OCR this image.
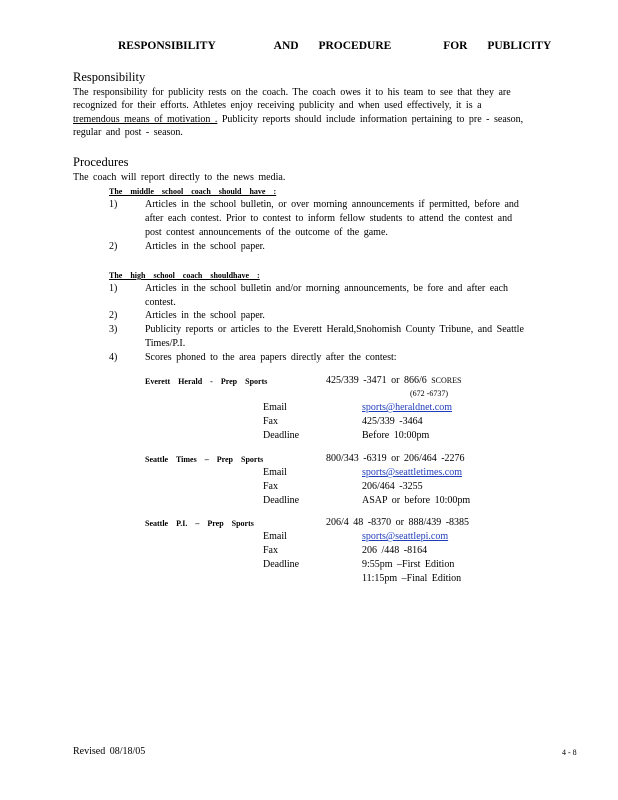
RESPONSIBILITY	AND PROCEDURE	FOR PUBLICITY
Responsibility
The responsibility for publicity rests on the coach. The coach owes it to his team to see that they are
recognized for their efforts. Athletes enjoy receiving publicity and when used effectively, it is a
tremendous means of motivation . Publicity reports should include information pertaining to pre - season,
regular and post - season.
Procedures
The coach will report directly to the news media.
The middle school coach should have :
1)	Articles in the school bulletin, or over morning announcements if permitted, before and
after each contest. Prior to contest to inform fellow students to attend the contest and
post contest announcements of the outcome of the game.
2)	Articles in the school paper.
The high school coach shouldhave :
1)	Articles in the school bulletin and/or morning announcements, be fore and after each
contest.
2)	Articles in the school paper.
3)	Publicity reports or articles to the Everett Herald,Snohomish County Tribune, and Seattle
Times/P.I.
4)	Scores phoned to the area papers directly after the contest:
Everett Herald - Prep Sports	425/339 -3471 or 866/6 SCORES
(672 -6737)
Email	sports@heraldnet.com
Fax	425/339 -3464
Deadline	Before 10:00pm
Seattle Times – Prep Sports	800/343 -6319 or 206/464 -2276
Email	sports@seattletimes.com
Fax	206/464 -3255
Deadline	ASAP or before 10:00pm
Seattle P.I. – Prep Sports	206/4 48 -8370 or 888/439 -8385
Email	sports@seattlepi.com
Fax	206 /448 -8164
Deadline	9:55pm –First Edition
11:15pm –Final Edition
Revised 08/18/05	4 - 8
